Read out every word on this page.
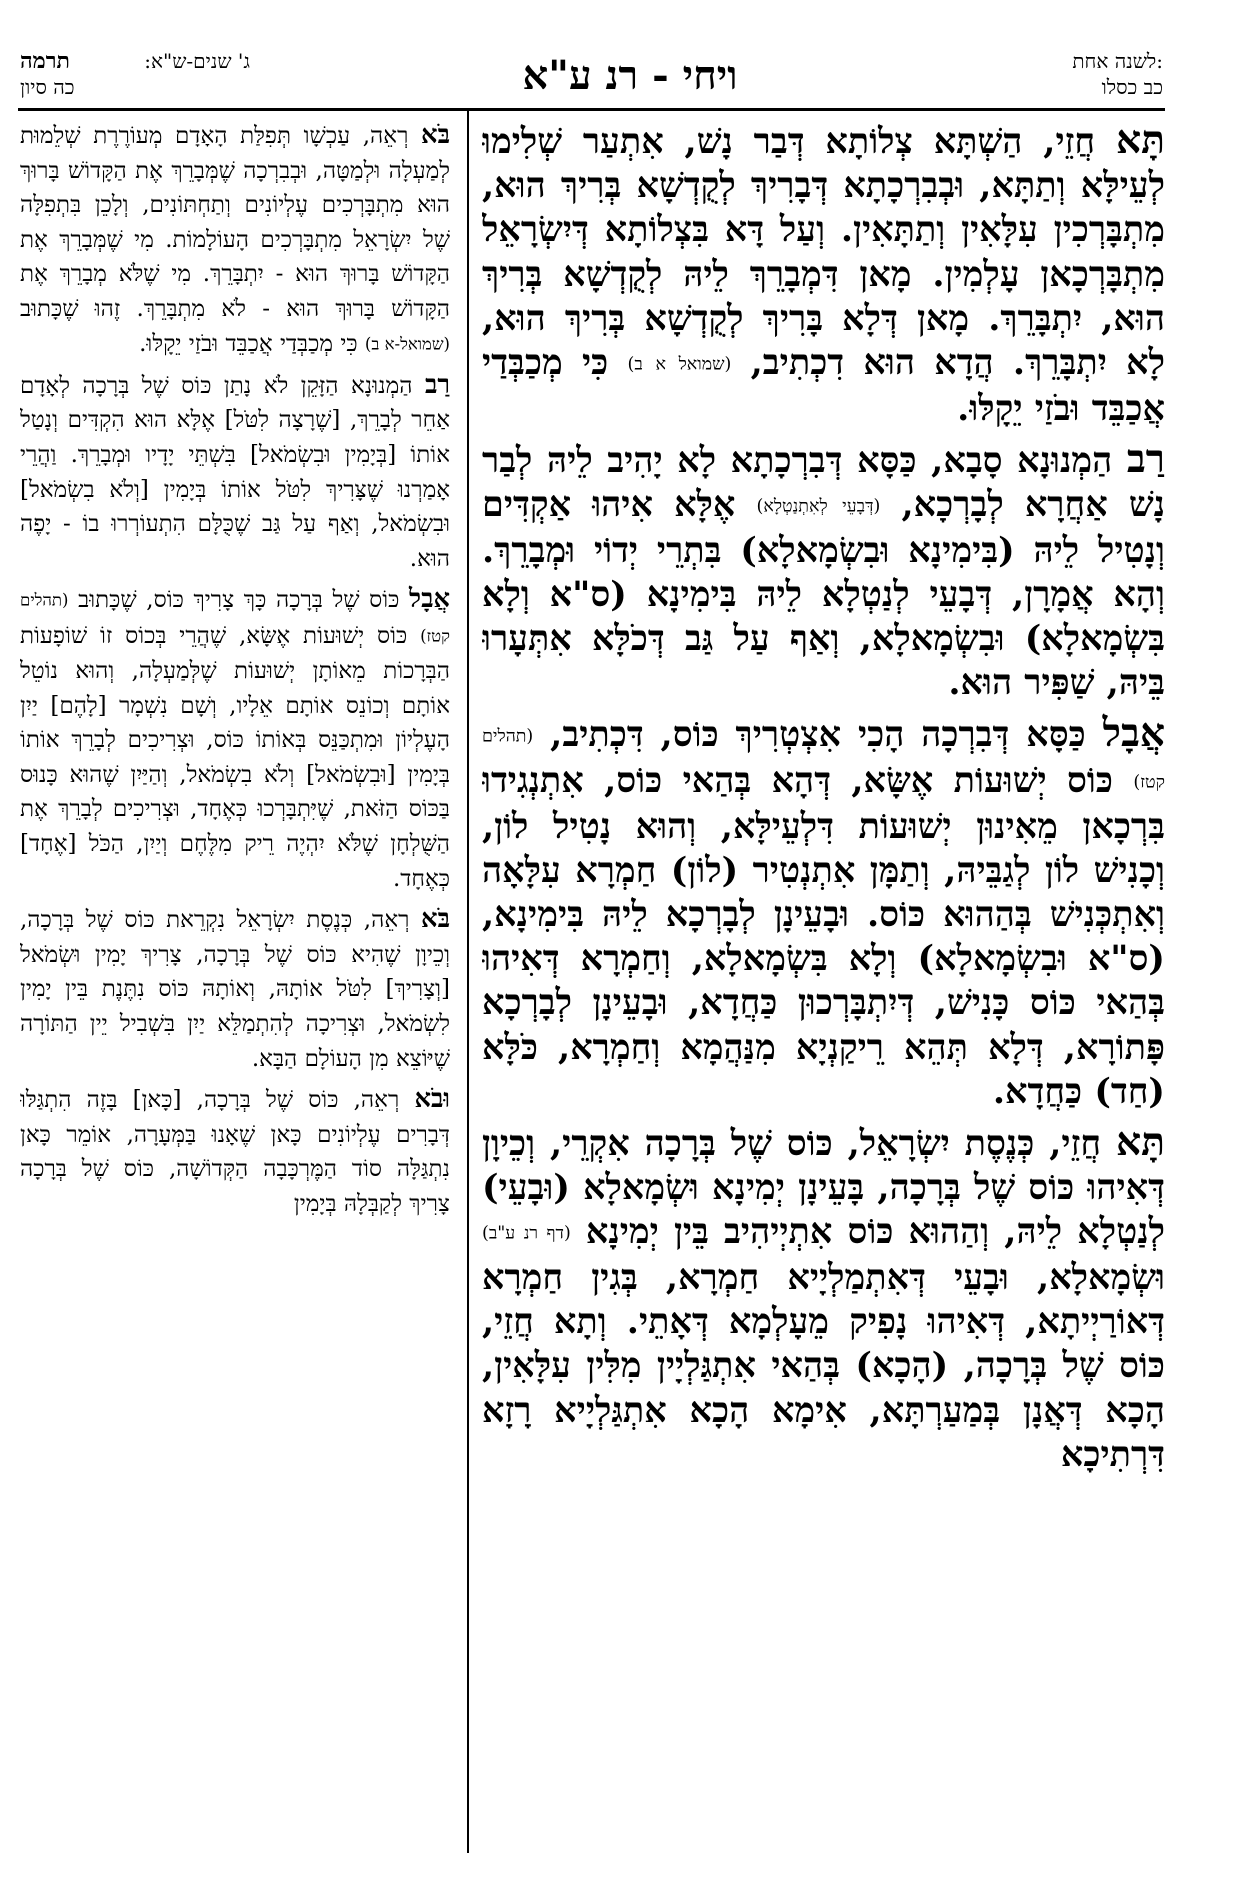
לשנה אחת:
כב כסלו
ויחי - רנ ע"א
ג' שנים-ש"א:
תרמה
כה סיון

תָּא חֲזֵי, הַשְׁתָּא צְלוֹתָא דְּבַר נָשׁ, אִתְעַר שְׁלִימוּ לְעֵילָּא וְתַתָּא, וּבְבִרְכָתָא דְּבָרִיךְ לְקֻדְשָׁא בְּרִיךְ הוּא, מִתְבָּרְכִין עִלָּאִין וְתַתָּאִין. וְעַל דָּא בִּצְלוֹתָא דְּיִשְׂרָאֵל מִתְבָּרְכָאן עָלְמִין. מָאן דִּמְבָרֵךְ לֵיהּ לְקֻדְשָׁא בְּרִיךְ הוּא, יִתְבָּרֵךְ. מָאן דְּלָא בָּרִיךְ לְקֻדְשָׁא בְּרִיךְ הוּא, לָא יִתְבָּרֵךְ. הֲדָא הוּא דִכְתִיב, (שמואל א ב) כִּי מְכַבְּדַי אֲכַבֵּד וּבֹזַי יֵקָלּוּ.

רַב הַמְנוּנָא סָבָא, כַּסָּא דְּבִרְכָתָא לָא יָהִיב לֵיהּ לְבַר נָשׁ אַחֲרָא לְבָרְכָא, (דְּבָעֵי לְאִתְנַטְלָא) אֶלָּא אִיהוּ אַקְדִּים וְנָטִיל לֵיהּ (בִּימִינָא וּבִשְׂמָאלָא) בִּתְרֵי יְדוֹי וּמְבָרֵךְ. וְהָא אֲמָרָן, דְּבָעֵי לְנַטְלָא לֵיהּ בִּימִינָא (ס"א וְלָא בִּשְׂמָאלָא) וּבִשְׂמָאלָא, וְאַף עַל גַּב דְּכֹלָּא אִתְּעָרוּ בֵּיהּ, שַׁפִּיר הוּא.

אֲבָל כַּסָּא דְּבִרְכָה הָכִי אִצְטְרִיךְ כּוֹס, דִּכְתִיב, (תהלים קטז) כּוֹס יְשׁוּעוֹת אֶשָּׂא, דְּהָא בְּהַאי כּוֹס, אִתְנְגִידוּ בִּרְכָאן מֵאִינוּן יְשׁוּעוֹת דִּלְעֵילָּא, וְהוּא נָטִיל לוֹן, וְכָנִישׁ לוֹן לְגַבֵּיהּ, וְתַמָּן אִתְנְטִיר (לוֹן) חַמְרָא עִלָּאָה וְאִתְכְּנִישׁ בְּהַהוּא כּוֹס. וּבָעֵינָן לְבָרְכָא לֵיהּ בִּימִינָא, (ס"א וּבִשְׂמָאלָא) וְלָא בִּשְׂמָאלָא, וְחַמְרָא דְּאִיהוּ בְּהַאי כּוֹס כָּנִישׁ, דְּיִתְבָּרְכוּן כַּחֲדָא, וּבָעֵינָן לְבָרְכָא פָּתוֹרָא, דְּלָא תְּהֵא רֵיקַנְיָא מִנַּהֲמָא וְחַמְרָא, כֹּלָּא (חַד) כַּחֲדָא.

תָּא חֲזֵי, כְּנֶסֶת יִשְׂרָאֵל, כּוֹס שֶׁל בְּרָכָה אִקְרֵי, וְכֵיוָן דְּאִיהוּ כּוֹס שֶׁל בְּרָכָה, בָּעֵינָן יְמִינָא וּשְׂמָאלָא (וּבָעֵי) לְנַטְלָא לֵיהּ, וְהַהוּא כּוֹס אִתְיְיהִיב בֵּין יְמִינָא (דף רנ ע"ב) וּשְׂמָאלָא, וּבָעֵי דְּאִתְמַלְיָיא חַמְרָא, בְּגִין חַמְרָא דְּאוֹרַיְיתָא, דְּאִיהוּ נָפִיק מֵעָלְמָא דְּאָתֵי. וְתָא חֲזֵי, כּוֹס שֶׁל בְּרָכָה, (הָכָא) בְּהַאי אִתְגַּלְיָין מִלִּין עִלָּאִין, הָכָא דְּאֲנָן בְּמַעַרְתָּא, אִימָא הָכָא אִתְגַּלְיָיא רָזָא דִּרְתִיכָא

בֹּא רְאֵה, עַכְשָׁו תְּפִלַּת הָאָדָם מְעוֹרֶרֶת שְׁלֵמוּת לְמַעְלָה וּלְמַטָּה, וּבְבִרְכָה שֶׁמְּבָרֵךְ אֶת הַקָּדוֹשׁ בָּרוּךְ הוּא מִתְבָּרְכִים עֶלְיוֹנִים וְתַחְתּוֹנִים, וְלָכֵן בִּתְפִלָּה שֶׁל יִשְׂרָאֵל מִתְבָּרְכִים הָעוֹלָמוֹת. מִי שֶׁמְּבָרֵךְ אֶת הַקָּדוֹשׁ בָּרוּךְ הוּא - יִתְבָּרֵךְ. מִי שֶׁלֹּא מְבָרֵךְ אֶת הַקָּדוֹשׁ בָּרוּךְ הוּא - לֹא מִתְבָּרֵךְ. זֶהוּ שֶׁכָּתוּב (שמואל-א ב) כִּי מְכַבְּדַי אֲכַבֵּד וּבֹזַי יֵקָלּוּ.

רַב הַמְנוּנָא הַזָּקֵן לֹא נָתַן כּוֹס שֶׁל בְּרָכָה לְאָדָם אַחֵר לְבָרֵךְ, [שֶׁרָצָה לִטֹּל] אֶלָּא הוּא הִקְדִּים וְנָטַל אוֹתוֹ [בְּיָמִין וּבִשְׂמֹאל] בִּשְׁתֵּי יָדָיו וּמְבָרֵךְ. וַהֲרֵי אָמַרְנוּ שֶׁצָּרִיךְ לִטֹּל אוֹתוֹ בְּיָמִין [וְלֹא בִשְׂמֹאל] וּבִשְׂמֹאל, וְאַף עַל גַּב שֶׁכֻּלָּם הִתְעוֹרְרוּ בוֹ - יָפֶה הוּא.

אֲבָל כּוֹס שֶׁל בְּרָכָה כָּךְ צָרִיךְ כּוֹס, שֶׁכָּתוּב (תהלים קטז) כּוֹס יְשׁוּעוֹת אֶשָּׂא, שֶׁהֲרֵי בְּכוֹס זוֹ שׁוֹפָעוֹת הַבְּרָכוֹת מֵאוֹתָן יְשׁוּעוֹת שֶׁלְּמַעְלָה, וְהוּא נוֹטֵל אוֹתָם וְכוֹנֵס אוֹתָם אֵלָיו, וְשָׁם נִשְׁמָר [לָהֶם] יַיִן הָעֶלְיוֹן וּמִתְכַּנֵּס בְּאוֹתוֹ כּוֹס, וּצְרִיכִים לְבָרֵךְ אוֹתוֹ בְּיָמִין [וּבִשְׂמֹאל] וְלֹא בִשְׂמֹאל, וְהַיַּיִן שֶׁהוּא כָּנוּס בַּכּוֹס הַזֹּאת, שֶׁיִּתְבָּרְכוּ כְּאֶחָד, וּצְרִיכִים לְבָרֵךְ אֶת הַשֻּׁלְחָן שֶׁלֹּא יִהְיֶה רֵיק מִלֶּחֶם וְיַיִן, הַכֹּל [אֶחָד] כְּאֶחָד.

בֹּא רְאֵה, כְּנֶסֶת יִשְׂרָאֵל נִקְרֵאת כּוֹס שֶׁל בְּרָכָה, וְכֵיוָן שֶׁהִיא כּוֹס שֶׁל בְּרָכָה, צָרִיךְ יָמִין וּשְׂמֹאל [וְצָרִיךְ] לִטֹּל אוֹתָהּ, וְאוֹתָהּ כּוֹס נִתֶּנֶת בֵּין יָמִין לִשְׂמֹאל, וּצְרִיכָה לְהִתְמַלֵּא יַיִן בִּשְׁבִיל יֵין הַתּוֹרָה שֶׁיּוֹצֵא מִן הָעוֹלָם הַבָּא.

וּבֹא רְאֵה, כּוֹס שֶׁל בְּרָכָה, [כָּאן] בָּזֶה הִתְגַּלּוּ דְּבָרִים עֶלְיוֹנִים כָּאן שֶׁאָנוּ בַּמְּעָרָה, אוֹמֵר כָּאן נִתְגַּלָּה סוֹד הַמֶּרְכָּבָה הַקְּדוֹשָׁה, כּוֹס שֶׁל בְּרָכָה צָרִיךְ לְקַבְּלָהּ בְּיָמִין
